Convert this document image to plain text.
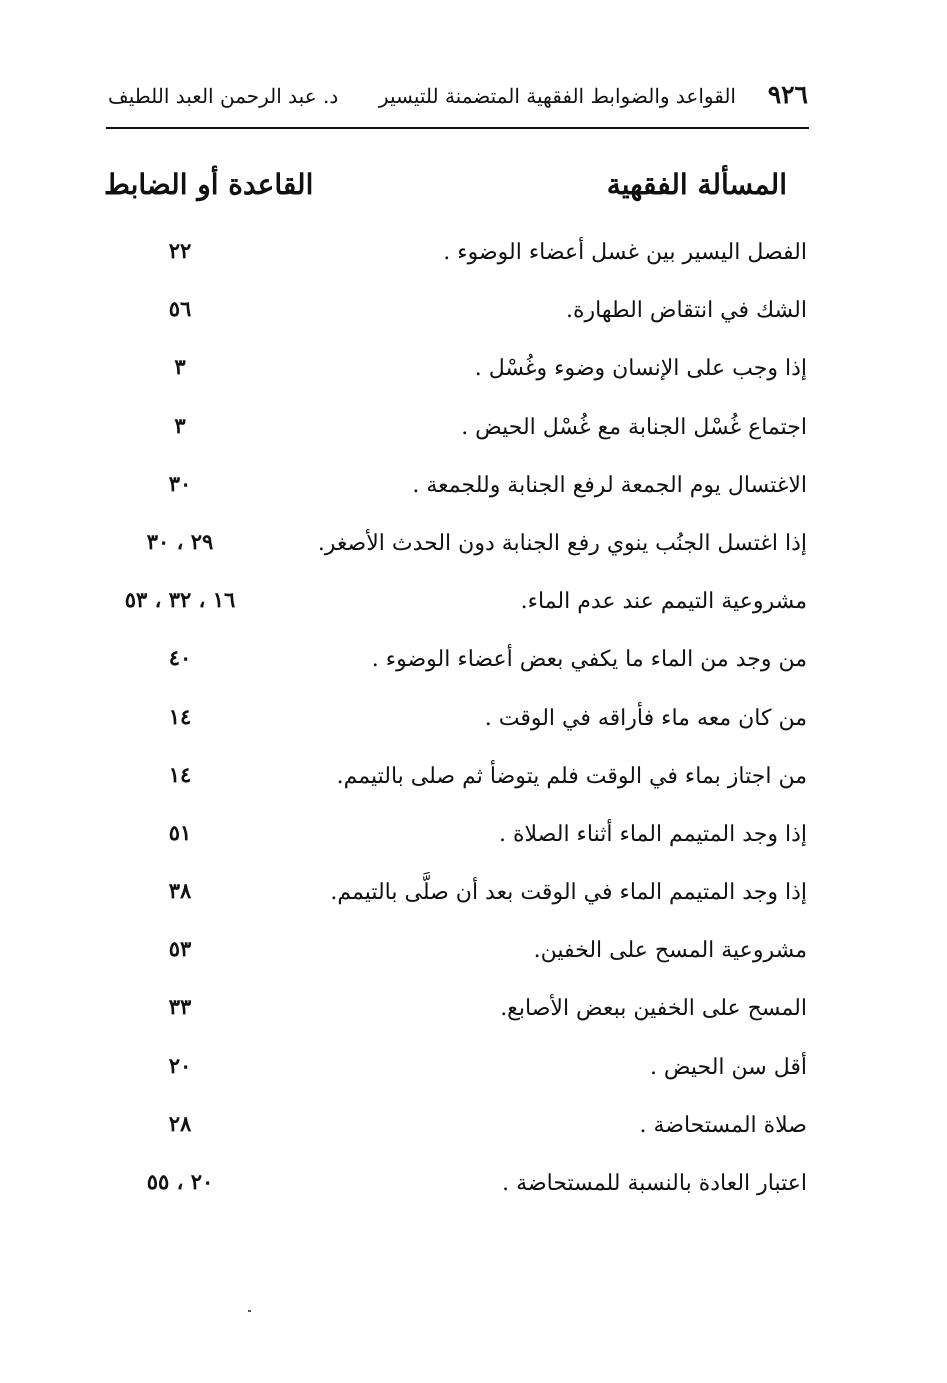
٩٢٦
القواعد والضوابط الفقهية المتضمنة للتيسير
د. عبد الرحمن العبد اللطيف
المسألة الفقهية
القاعدة أو الضابط
الفصل اليسير بين غسل أعضاء الوضوء .
٢٢
الشك في انتقاض الطهارة.
٥٦
إذا وجب على الإنسان وضوء وغُسْل .
٣
اجتماع غُسْل الجنابة مع غُسْل الحيض .
٣
الاغتسال يوم الجمعة لرفع الجنابة وللجمعة .
٣٠
إذا اغتسل الجنُب ينوي رفع الجنابة دون الحدث الأصغر.
٢٩ ، ٣٠
مشروعية التيمم عند عدم الماء.
١٦ ، ٣٢ ، ٥٣
من وجد من الماء ما يكفي بعض أعضاء الوضوء .
٤٠
من كان معه ماء فأراقه في الوقت .
١٤
من اجتاز بماء في الوقت فلم يتوضأ ثم صلى بالتيمم.
١٤
إذا وجد المتيمم الماء أثناء الصلاة .
٥١
إذا وجد المتيمم الماء في الوقت بعد أن صلَّى بالتيمم.
٣٨
مشروعية المسح على الخفين.
٥٣
المسح على الخفين ببعض الأصابع.
٣٣
أقل سن الحيض .
٢٠
صلاة المستحاضة .
٢٨
اعتبار العادة بالنسبة للمستحاضة .
٢٠ ، ٥٥
